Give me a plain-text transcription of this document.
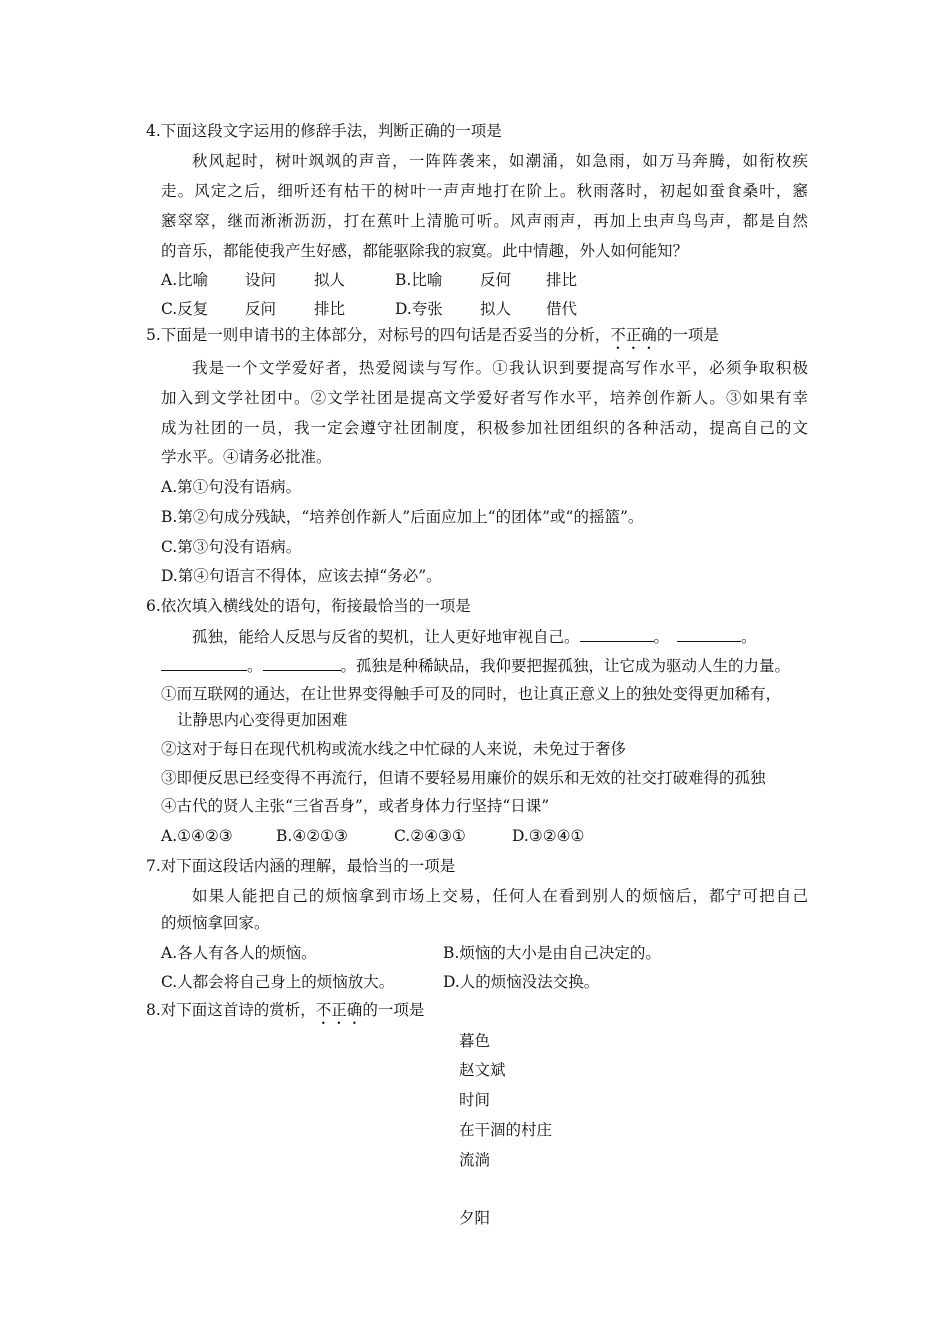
4.下面这段文字运用的修辞手法，判断正确的一项是
秋风起时，树叶飒飒的声音，一阵阵袭来，如潮涌，如急雨，如万马奔腾，如衔枚疾
走。风定之后，细听还有枯干的树叶一声声地打在阶上。秋雨落时，初起如蚕食桑叶，窸
窸窣窣，继而淅淅沥沥，打在蕉叶上清脆可听。风声雨声，再加上虫声鸟鸟声，都是自然
的音乐，都能使我产生好感，都能驱除我的寂寞。此中情趣，外人如何能知？
A.比喻 设问 拟人	B.比喻 反何 排比
C.反复 反问 排比	D.夸张 拟人 借代
5.下面是一则申请书的主体部分，对标号的四句话是否妥当的分析，不正确的一项是
我是一个文学爱好者，热爱阅读与写作。①我认识到要提高写作水平，必须争取积极
加入到文学社团中。②文学社团是提高文学爱好者写作水平，培养创作新人。③如果有幸
成为社团的一员，我一定会遵守社团制度，积极参加社团组织的各种活动，提高自己的文
学水平。④请务必批准。
A.第①句没有语病。
B.第②句成分残缺，“培养创作新人”后面应加上“的团体”或“的摇篮”。
C.第③句没有语病。
D.第④句语言不得体，应该去掉“务必”。
6.依次填入横线处的语句，衔接最恰当的一项是
孤独，能给人反思与反省的契机，让人更好地审视自己。	。	。
。	。孤独是种稀缺品，我仰要把握孤独，让它成为驱动人生的力量。
①而互联网的通达，在让世界变得触手可及的同时，也让真正意义上的独处变得更加稀有，
让静思内心变得更加困难
②这对于每日在现代机构或流水线之中忙碌的人来说，未免过于奢侈
③即便反思已经变得不再流行，但请不要轻易用廉价的娱乐和无效的社交打破难得的孤独
④古代的贤人主张“三省吾身”，或者身体力行坚持“日课”
A.①④②③	B.④②①③	C.②④③①	D.③②④①
7.对下面这段话内涵的理解，最恰当的一项是
如果人能把自己的烦恼拿到市场上交易，任何人在看到别人的烦恼后，都宁可把自己
的烦恼拿回家。
A.各人有各人的烦恼。	B.烦恼的大小是由自己决定的。
C.人都会将自己身上的烦恼放大。	D.人的烦恼没法交换。
8.对下面这首诗的赏析，不正确的一项是
暮色
赵文斌
时间
在干涸的村庄
流淌
夕阳
